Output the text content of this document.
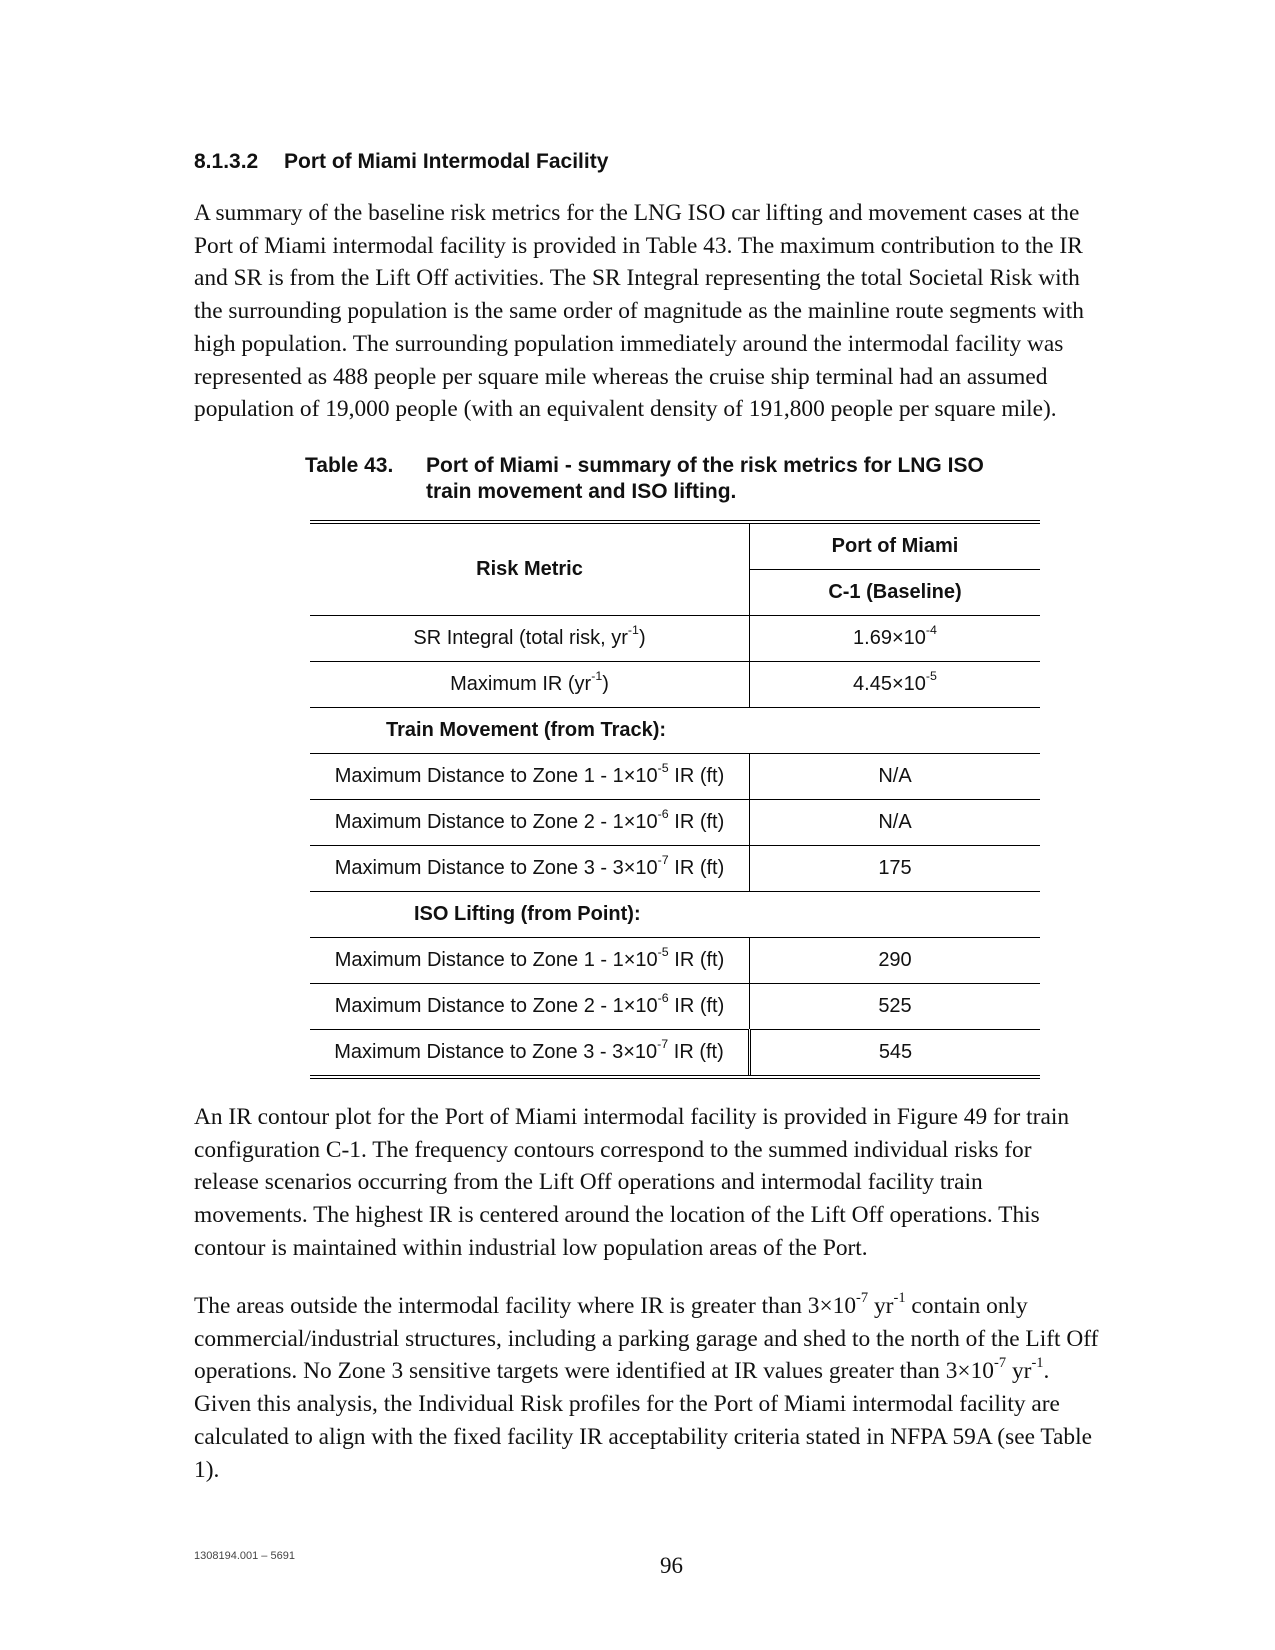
8.1.3.2 Port of Miami Intermodal Facility

A summary of the baseline risk metrics for the LNG ISO car lifting and movement cases at the
Port of Miami intermodal facility is provided in Table 43. The maximum contribution to the IR
and SR is from the Lift Off activities. The SR Integral representing the total Societal Risk with
the surrounding population is the same order of magnitude as the mainline route segments with
high population. The surrounding population immediately around the intermodal facility was
represented as 488 people per square mile whereas the cruise ship terminal had an assumed
population of 19,000 people (with an equivalent density of 191,800 people per square mile).

Table 43. Port of Miami - summary of the risk metrics for LNG ISO
train movement and ISO lifting.
Risk Metric	Port of Miami
	C-1 (Baseline)
SR Integral (total risk, $yr^{-1}$)	$1.69\times 10^{-4}$
Maximum IR $(yr^{-1})$	$4.45\times 10^{-5}$
Train Movement (from Track):	
Maximum Distance to Zone $1 - 1\times 10^{-5}$ IR (ft)	N/A
Maximum Distance to Zone $2 - 1\times 10^{-6}$ IR (ft)	N/A
Maximum Distance to Zone $3 - 3\times 10^{-7}$ IR (ft)	175
ISO Lifting (from Point):	
Maximum Distance to Zone $1 - 1\times 10^{-5}$ IR (ft)	290
Maximum Distance to Zone $2 - 1\times 10^{-6}$ IR (ft)	525
Maximum Distance to Zone $3 - 3\times 10^{-7}$ IR (ft)	545

An IR contour plot for the Port of Miami intermodal facility is provided in Figure 49 for train
configuration C-1. The frequency contours correspond to the summed individual risks for
release scenarios occurring from the Lift Off operations and intermodal facility train
movements. The highest IR is centered around the location of the Lift Off operations. This
contour is maintained within industrial low population areas of the Port.

The areas outside the intermodal facility where IR is greater than $3\times 10^{-7}$ $yr^{-1}$ contain only
commercial/industrial structures, including a parking garage and shed to the north of the Lift Off
operations. No Zone 3 sensitive targets were identified at IR values greater than $3\times 10^{-7}$ $yr^{-1}$.
Given this analysis, the Individual Risk profiles for the Port of Miami intermodal facility are
calculated to align with the fixed facility IR acceptability criteria stated in NFPA 59A (see Table
1).

1308194.001 – 5691	96
